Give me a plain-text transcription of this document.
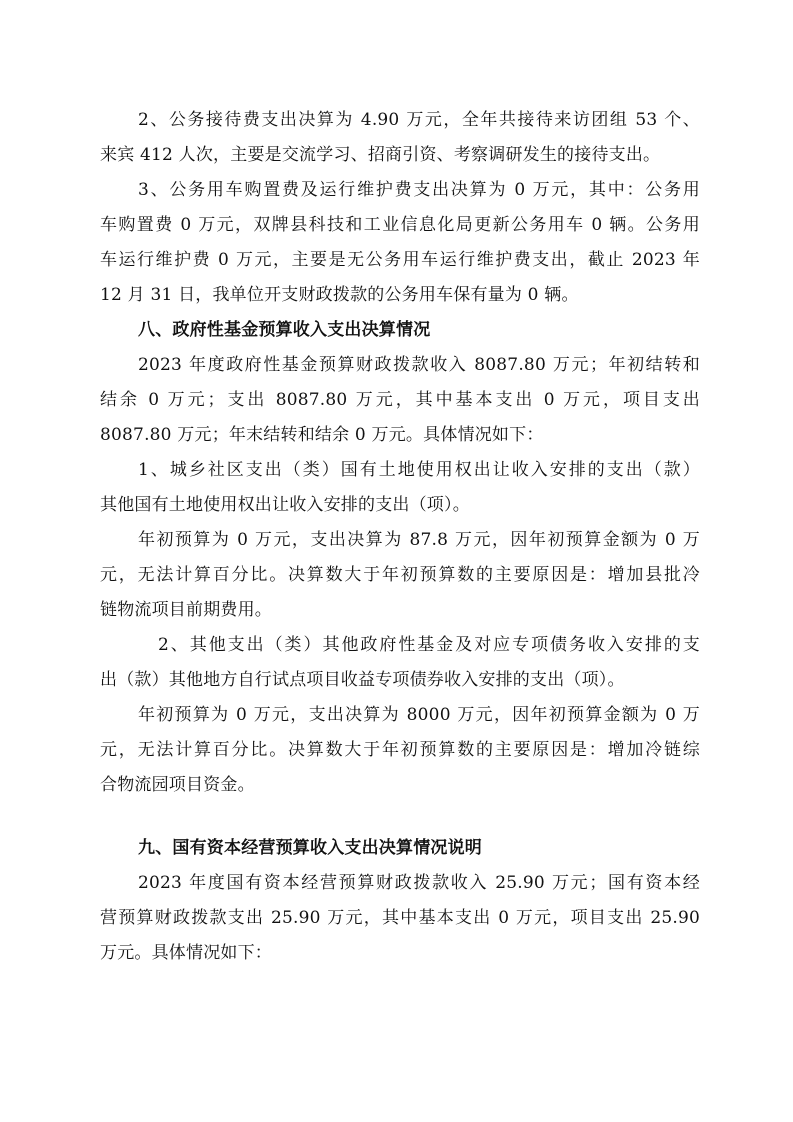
2、公务接待费支出决算为 4.90 万元，全年共接待来访团组 53 个、
来宾 412 人次，主要是交流学习、招商引资、考察调研发生的接待支出。
3、公务用车购置费及运行维护费支出决算为 0 万元，其中：公务用
车购置费 0 万元，双牌县科技和工业信息化局更新公务用车 0 辆。公务用
车运行维护费 0 万元，主要是无公务用车运行维护费支出，截止 2023 年
12 月 31 日，我单位开支财政拨款的公务用车保有量为 0 辆。
八、政府性基金预算收入支出决算情况
2023 年度政府性基金预算财政拨款收入 8087.80 万元；年初结转和
结余 0 万元；支出 8087.80 万元，其中基本支出 0 万元，项目支出
8087.80 万元；年末结转和结余 0 万元。具体情况如下：
1、城乡社区支出（类）国有土地使用权出让收入安排的支出（款）
其他国有土地使用权出让收入安排的支出（项）。
年初预算为 0 万元，支出决算为 87.8 万元，因年初预算金额为 0 万
元，无法计算百分比。决算数大于年初预算数的主要原因是：增加县批冷
链物流项目前期费用。
2、其他支出（类）其他政府性基金及对应专项债务收入安排的支
出（款）其他地方自行试点项目收益专项债券收入安排的支出（项）。
年初预算为 0 万元，支出决算为 8000 万元，因年初预算金额为 0 万
元，无法计算百分比。决算数大于年初预算数的主要原因是：增加冷链综
合物流园项目资金。
九、国有资本经营预算收入支出决算情况说明
2023 年度国有资本经营预算财政拨款收入 25.90 万元；国有资本经
营预算财政拨款支出 25.90 万元，其中基本支出 0 万元，项目支出 25.90
万元。具体情况如下：
